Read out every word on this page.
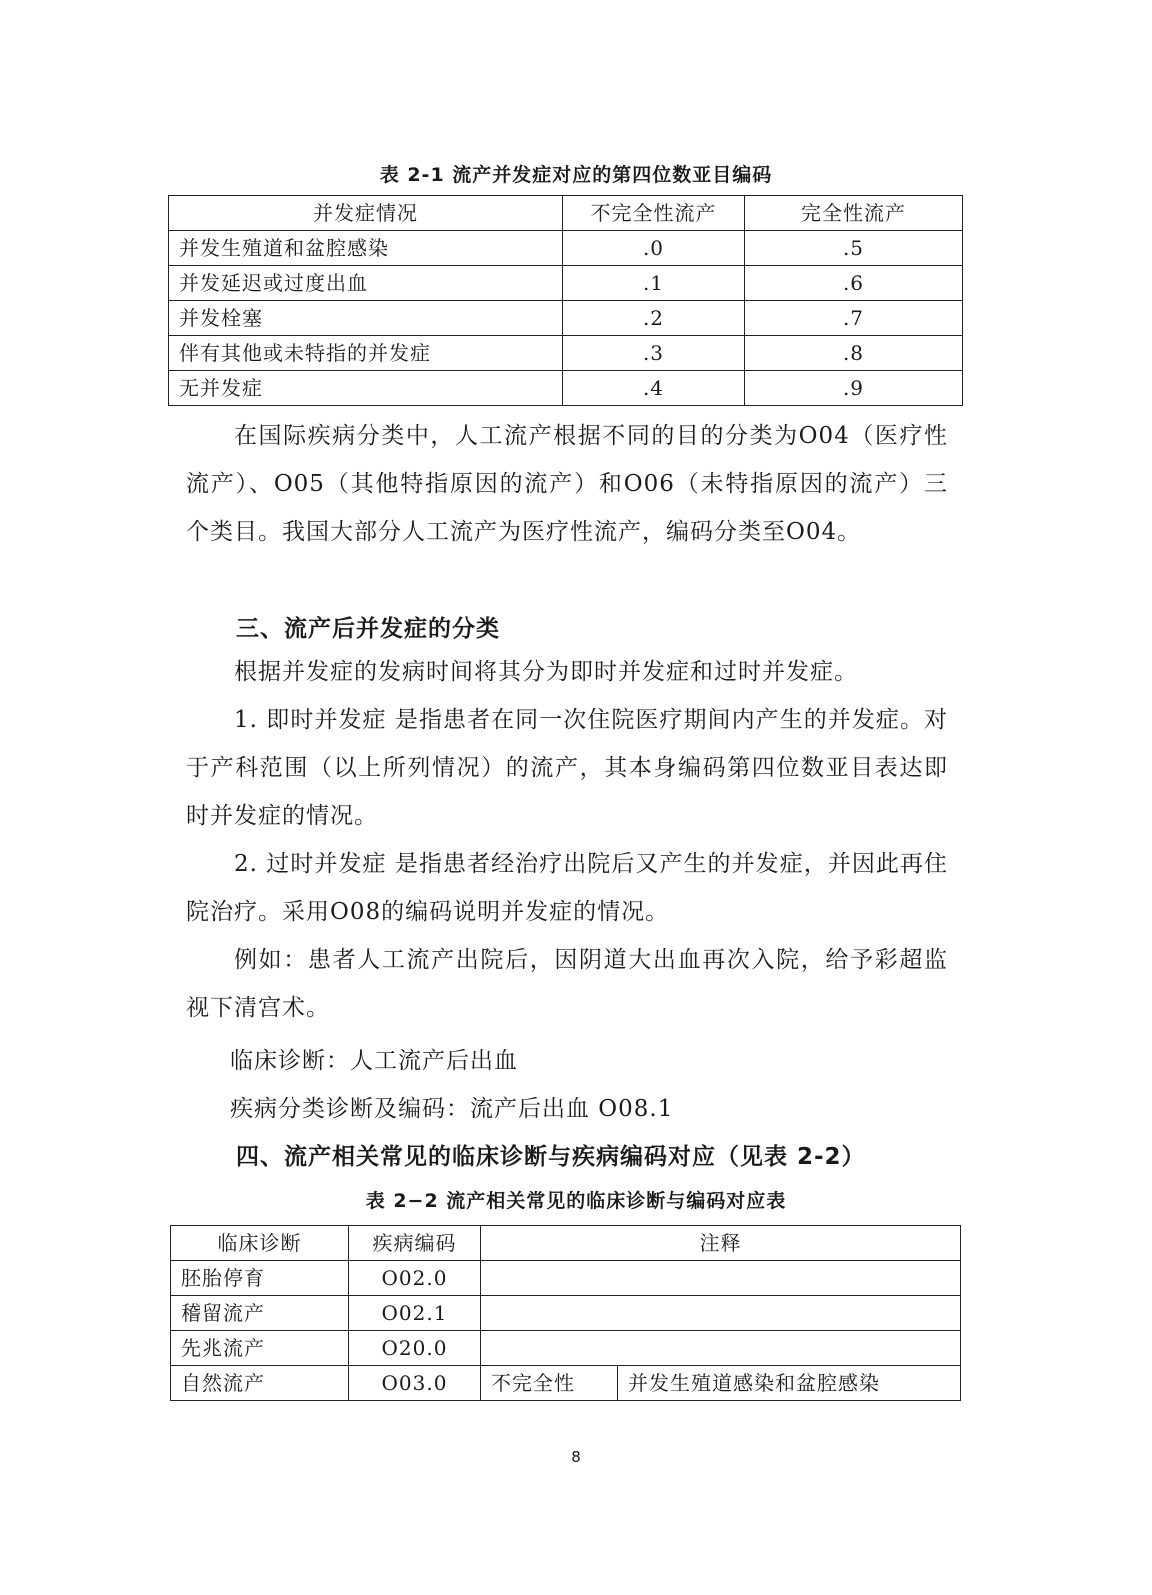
表 2-1 流产并发症对应的第四位数亚目编码
并发症情况	不完全性流产	完全性流产
并发生殖道和盆腔感染	.0	.5
并发延迟或过度出血	.1	.6
并发栓塞	.2	.7
伴有其他或未特指的并发症	.3	.8
无并发症	.4	.9
在国际疾病分类中，人工流产根据不同的目的分类为O04（医疗性流产）、O05（其他特指原因的流产）和O06（未特指原因的流产）三个类目。我国大部分人工流产为医疗性流产，编码分类至O04。
三、流产后并发症的分类
根据并发症的发病时间将其分为即时并发症和过时并发症。
1. 即时并发症 是指患者在同一次住院医疗期间内产生的并发症。对于产科范围（以上所列情况）的流产，其本身编码第四位数亚目表达即时并发症的情况。
2. 过时并发症 是指患者经治疗出院后又产生的并发症，并因此再住院治疗。采用O08的编码说明并发症的情况。
例如：患者人工流产出院后，因阴道大出血再次入院，给予彩超监视下清宫术。
临床诊断：人工流产后出血
疾病分类诊断及编码：流产后出血 O08.1
四、流产相关常见的临床诊断与疾病编码对应（见表 2-2）
表 2−2 流产相关常见的临床诊断与编码对应表
临床诊断	疾病编码	注释	
胚胎停育	O02.0		
稽留流产	O02.1		
先兆流产	O20.0		
自然流产	O03.0	不完全性	并发生殖道感染和盆腔感染
8
